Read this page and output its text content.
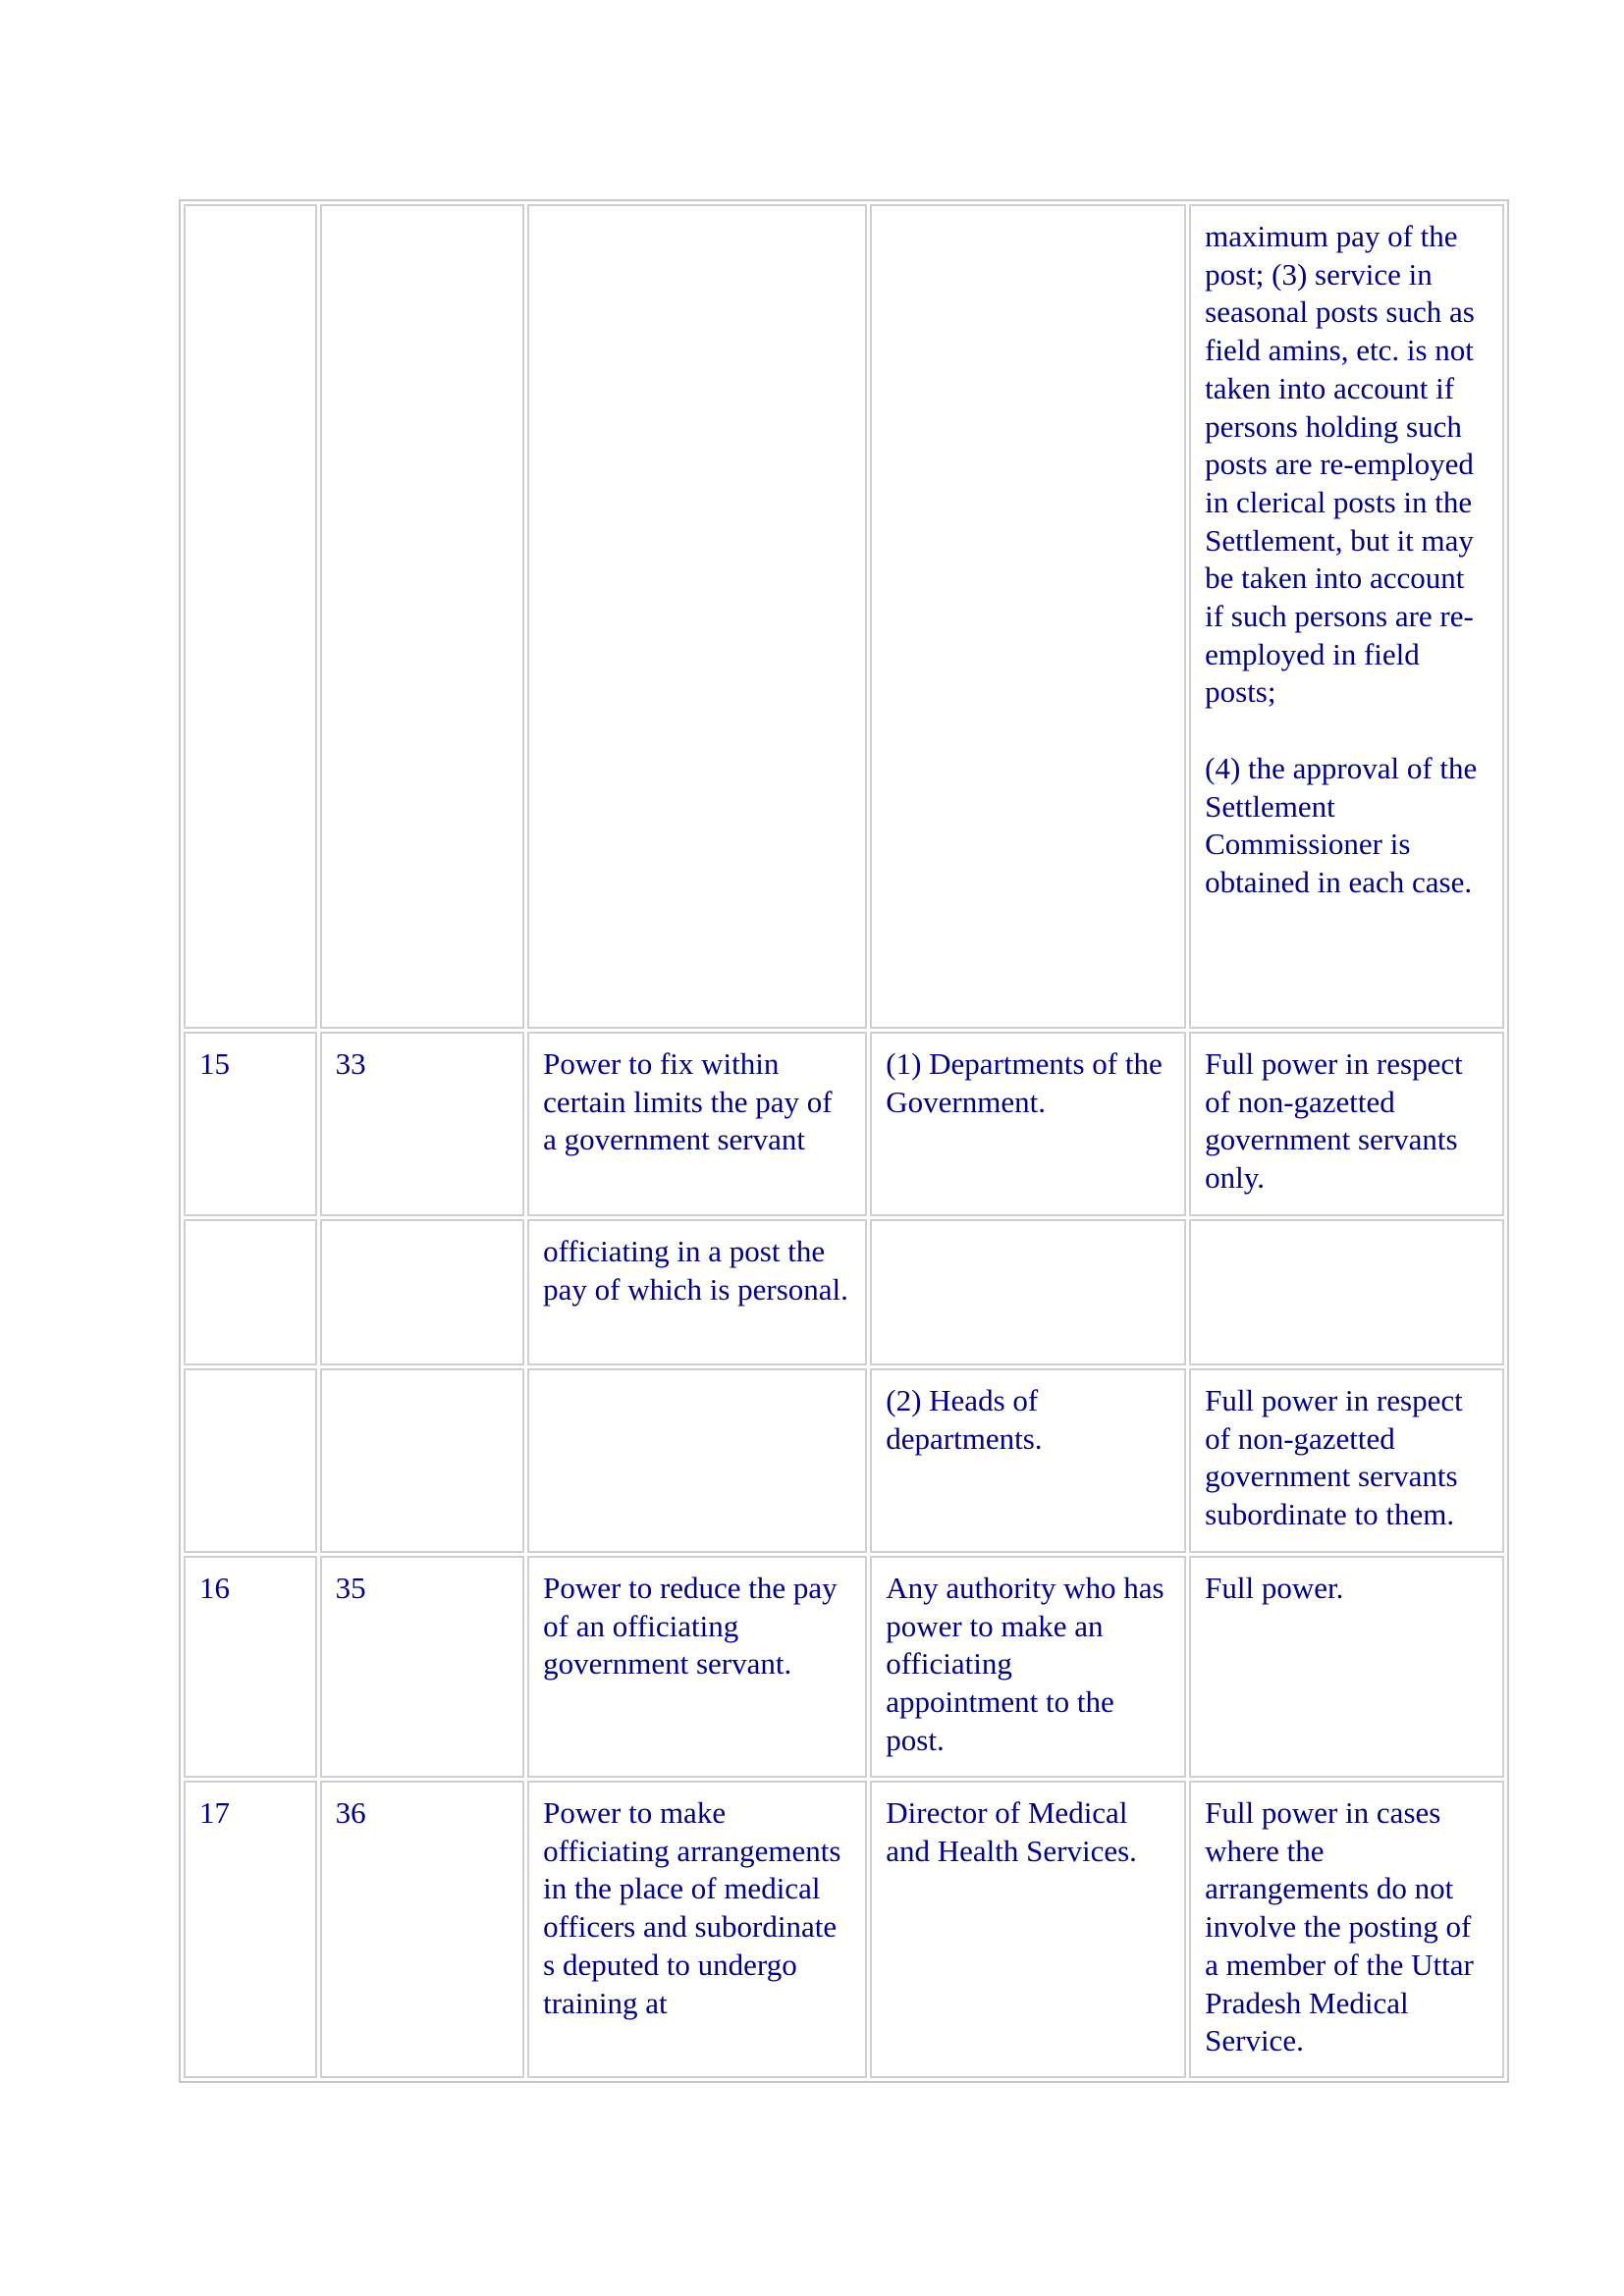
				maximum pay of the post; (3) service in seasonal posts such as field amins, etc. is not taken into account if persons holding such posts are re-employed in clerical posts in the Settlement, but it may be taken into account if such persons are re-employed in field posts;
(4) the approval of the Settlement Commissioner is obtained in each case.

15	33	Power to fix within certain limits the pay of a government servant	(1) Departments of the Government.	Full power in respect of non-gazetted government servants only.

		officiating in a post the pay of which is personal.		

			(2) Heads of departments.	Full power in respect of non-gazetted government servants subordinate to them.

16	35	Power to reduce the pay of an officiating government servant.	Any authority who has power to make an officiating appointment to the post.	Full power.

17	36	Power to make officiating arrangements in the place of medical officers and subordinate s deputed to undergo training at	Director of Medical and Health Services.	Full power in cases where the arrangements do not involve the posting of a member of the Uttar Pradesh Medical Service.
